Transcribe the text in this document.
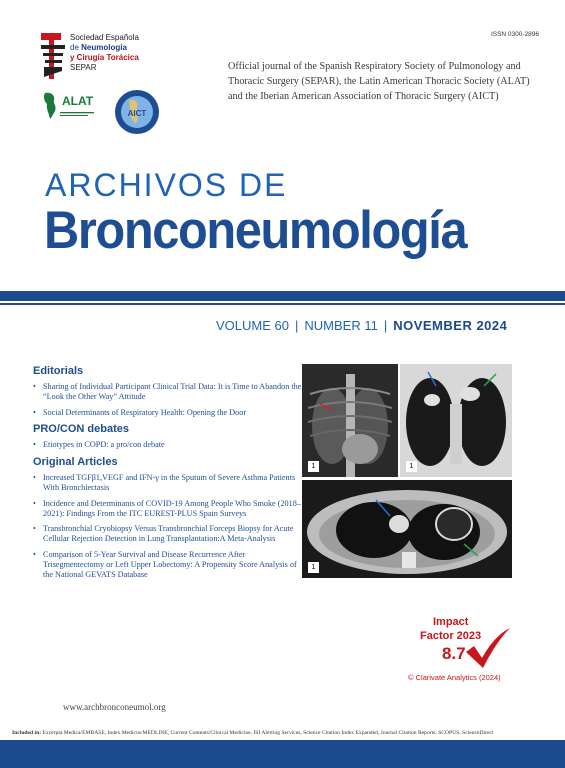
ISSN 0300-2896
Sociedad Española
de Neumología
y Cirugía Torácica
SEPAR
ALAT
AICT
Official journal of the Spanish Respiratory Society of Pulmonology and Thoracic Surgery (SEPAR), the Latin American Thoracic Society (ALAT) and the Iberian American Association of Thoracic Surgery (AICT)
ARCHIVOS DE
Bronconeumología
VOLUME 60 | NUMBER 11 | NOVEMBER 2024
Editorials
• Sharing of Individual Participant Clinical Trial Data: It is Time to Abandon the “Look the Other Way” Attitude
• Social Determinants of Respiratory Health: Opening the Door
PRO/CON debates
• Etiotypes in COPD: a pro/con debate
Original Articles
• Increased TGFβ1,VEGF and IFN-γ in the Sputum of Severe Asthma Patients With Bronchiectasis
• Incidence and Determinants of COVID-19 Among People Who Smoke (2018–2021): Findings From the ITC EUREST-PLUS Spain Surveys
• Transbronchial Cryobiopsy Versus Transbronchial Forceps Biopsy for Acute Cellular Rejection Detection in Lung Transplantation:A Meta-Analysis
• Comparison of 5-Year Survival and Disease Recurrence After Trisegmentectomy or Left Upper Lobectomy: A Propensity Score Analysis of the National GEVATS Database
1	1
1
Impact
Factor 2023
8.7
© Clarivate Analytics (2024)
www.archbronconeumol.org
Included in: Excerpta Medica/EMBASE, Index Medicus/MEDLINE, Current Contents/Clinical Medicine, ISI Alerting Services, Science Citation Index Expanded, Journal Citation Reports, SCOPUS, ScienceDirect
